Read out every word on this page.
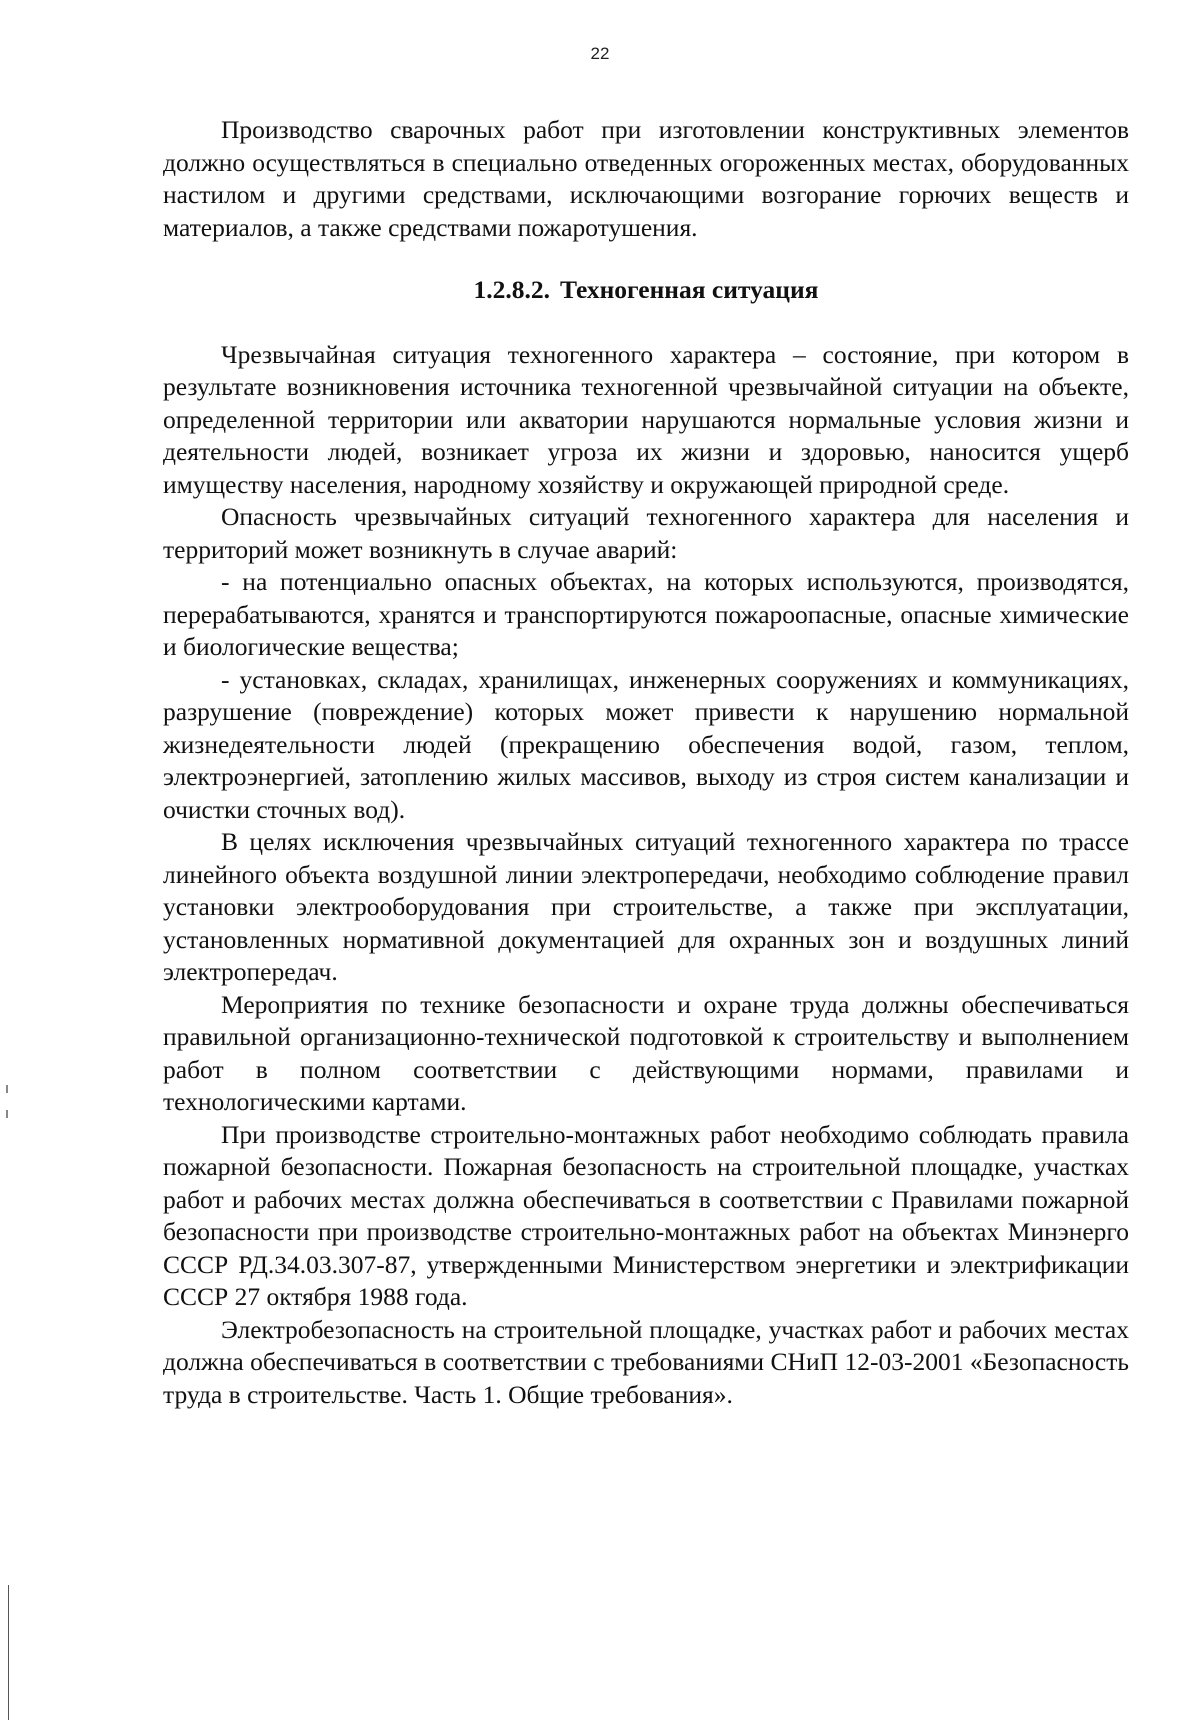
22

Производство сварочных работ при изготовлении конструктивных элементов должно осуществляться в специально отведенных огороженных местах, оборудованных настилом и другими средствами, исключающими возгорание горючих веществ и материалов, а также средствами пожаротушения.

1.2.8.2. Техногенная ситуация

Чрезвычайная ситуация техногенного характера – состояние, при котором в результате возникновения источника техногенной чрезвычайной ситуации на объекте, определенной территории или акватории нарушаются нормальные условия жизни и деятельности людей, возникает угроза их жизни и здоровью, наносится ущерб имуществу населения, народному хозяйству и окружающей природной среде.

Опасность чрезвычайных ситуаций техногенного характера для населения и территорий может возникнуть в случае аварий:

- на потенциально опасных объектах, на которых используются, производятся, перерабатываются, хранятся и транспортируются пожароопасные, опасные химические и биологические вещества;

- установках, складах, хранилищах, инженерных сооружениях и коммуникациях, разрушение (повреждение) которых может привести к нарушению нормальной жизнедеятельности людей (прекращению обеспечения водой, газом, теплом, электроэнергией, затоплению жилых массивов, выходу из строя систем канализации и очистки сточных вод).

В целях исключения чрезвычайных ситуаций техногенного характера по трассе линейного объекта воздушной линии электропередачи, необходимо соблюдение правил установки электрооборудования при строительстве, а также при эксплуатации, установленных нормативной документацией для охранных зон и воздушных линий электропередач.

Мероприятия по технике безопасности и охране труда должны обеспечиваться правильной организационно-технической подготовкой к строительству и выполнением работ в полном соответствии с действующими нормами, правилами и технологическими картами.

При производстве строительно-монтажных работ необходимо соблюдать правила пожарной безопасности. Пожарная безопасность на строительной площадке, участках работ и рабочих местах должна обеспечиваться в соответствии с Правилами пожарной безопасности при производстве строительно-монтажных работ на объектах Минэнерго СССР РД.34.03.307-87, утвержденными Министерством энергетики и электрификации СССР 27 октября 1988 года.

Электробезопасность на строительной площадке, участках работ и рабочих местах должна обеспечиваться в соответствии с требованиями СНиП 12-03-2001 «Безопасность труда в строительстве. Часть 1. Общие требования».
